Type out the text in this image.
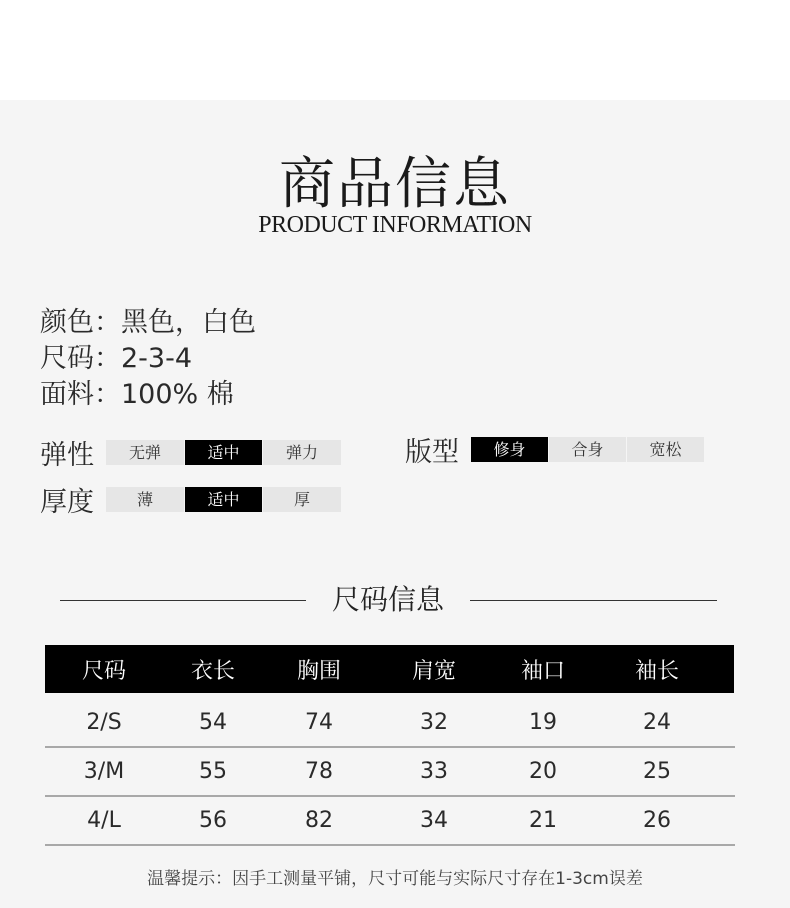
商品信息
PRODUCT INFORMATION
颜色：黑色，白色
尺码：2-3-4
面料：100% 棉
弹性	无弹	适中	弹力
厚度	薄	适中	厚
版型	修身	合身	宽松
尺码信息
尺码	衣长	胸围	肩宽	袖口	袖长
2/S	54	74	32	19	24
3/M	55	78	33	20	25
4/L	56	82	34	21	26
温馨提示：因手工测量平铺，尺寸可能与实际尺寸存在1-3cm误差
